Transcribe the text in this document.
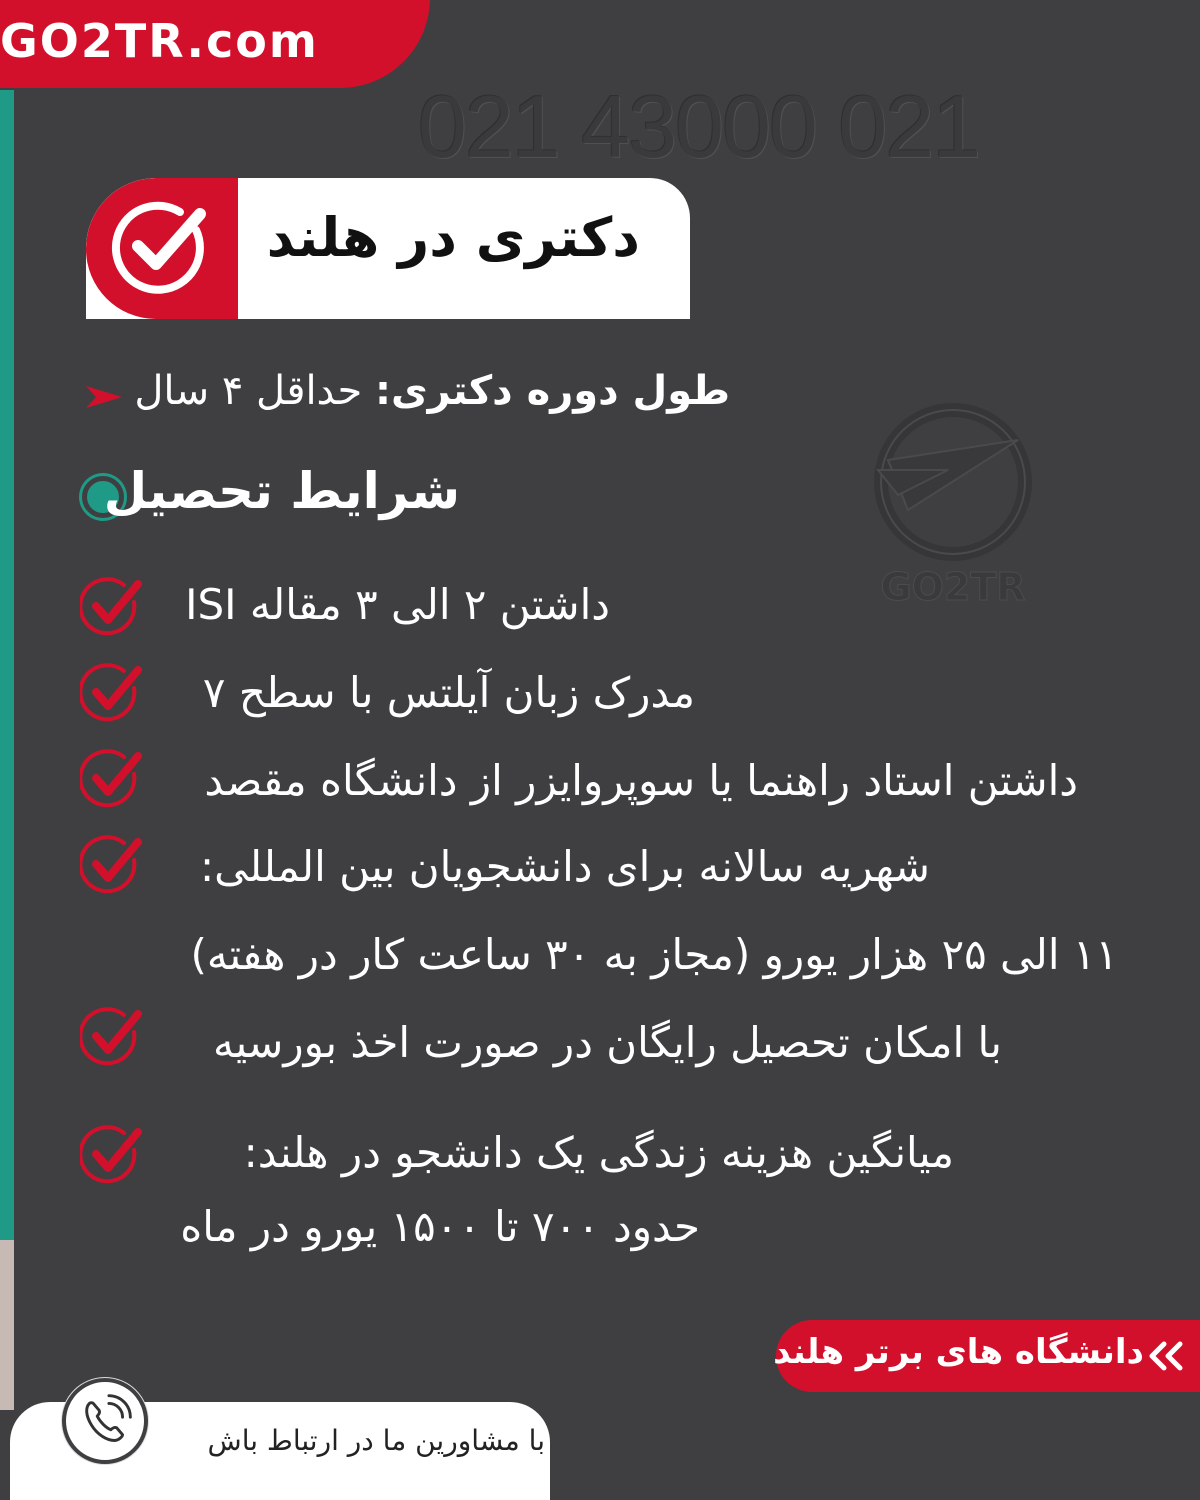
GO2TR.com
021 43000 021
دکتری در هلند
طول دوره دکتری: حداقل ۴ سال
شرایط تحصیل
GO2TR
داشتن ۲ الی ۳ مقاله ISI
مدرک زبان آیلتس با سطح ۷
داشتن استاد راهنما یا سوپروایزر از دانشگاه مقصد
شهریه سالانه برای دانشجویان بین المللی:
۱۱ الی ۲۵ هزار یورو (مجاز به ۳۰ ساعت کار در هفته)
با امکان تحصیل رایگان در صورت اخذ بورسیه
میانگین هزینه زندگی یک دانشجو در هلند:
حدود ۷۰۰ تا ۱۵۰۰ یورو در ماه
دانشگاه های برتر هلند
با مشاورین ما در ارتباط باش
